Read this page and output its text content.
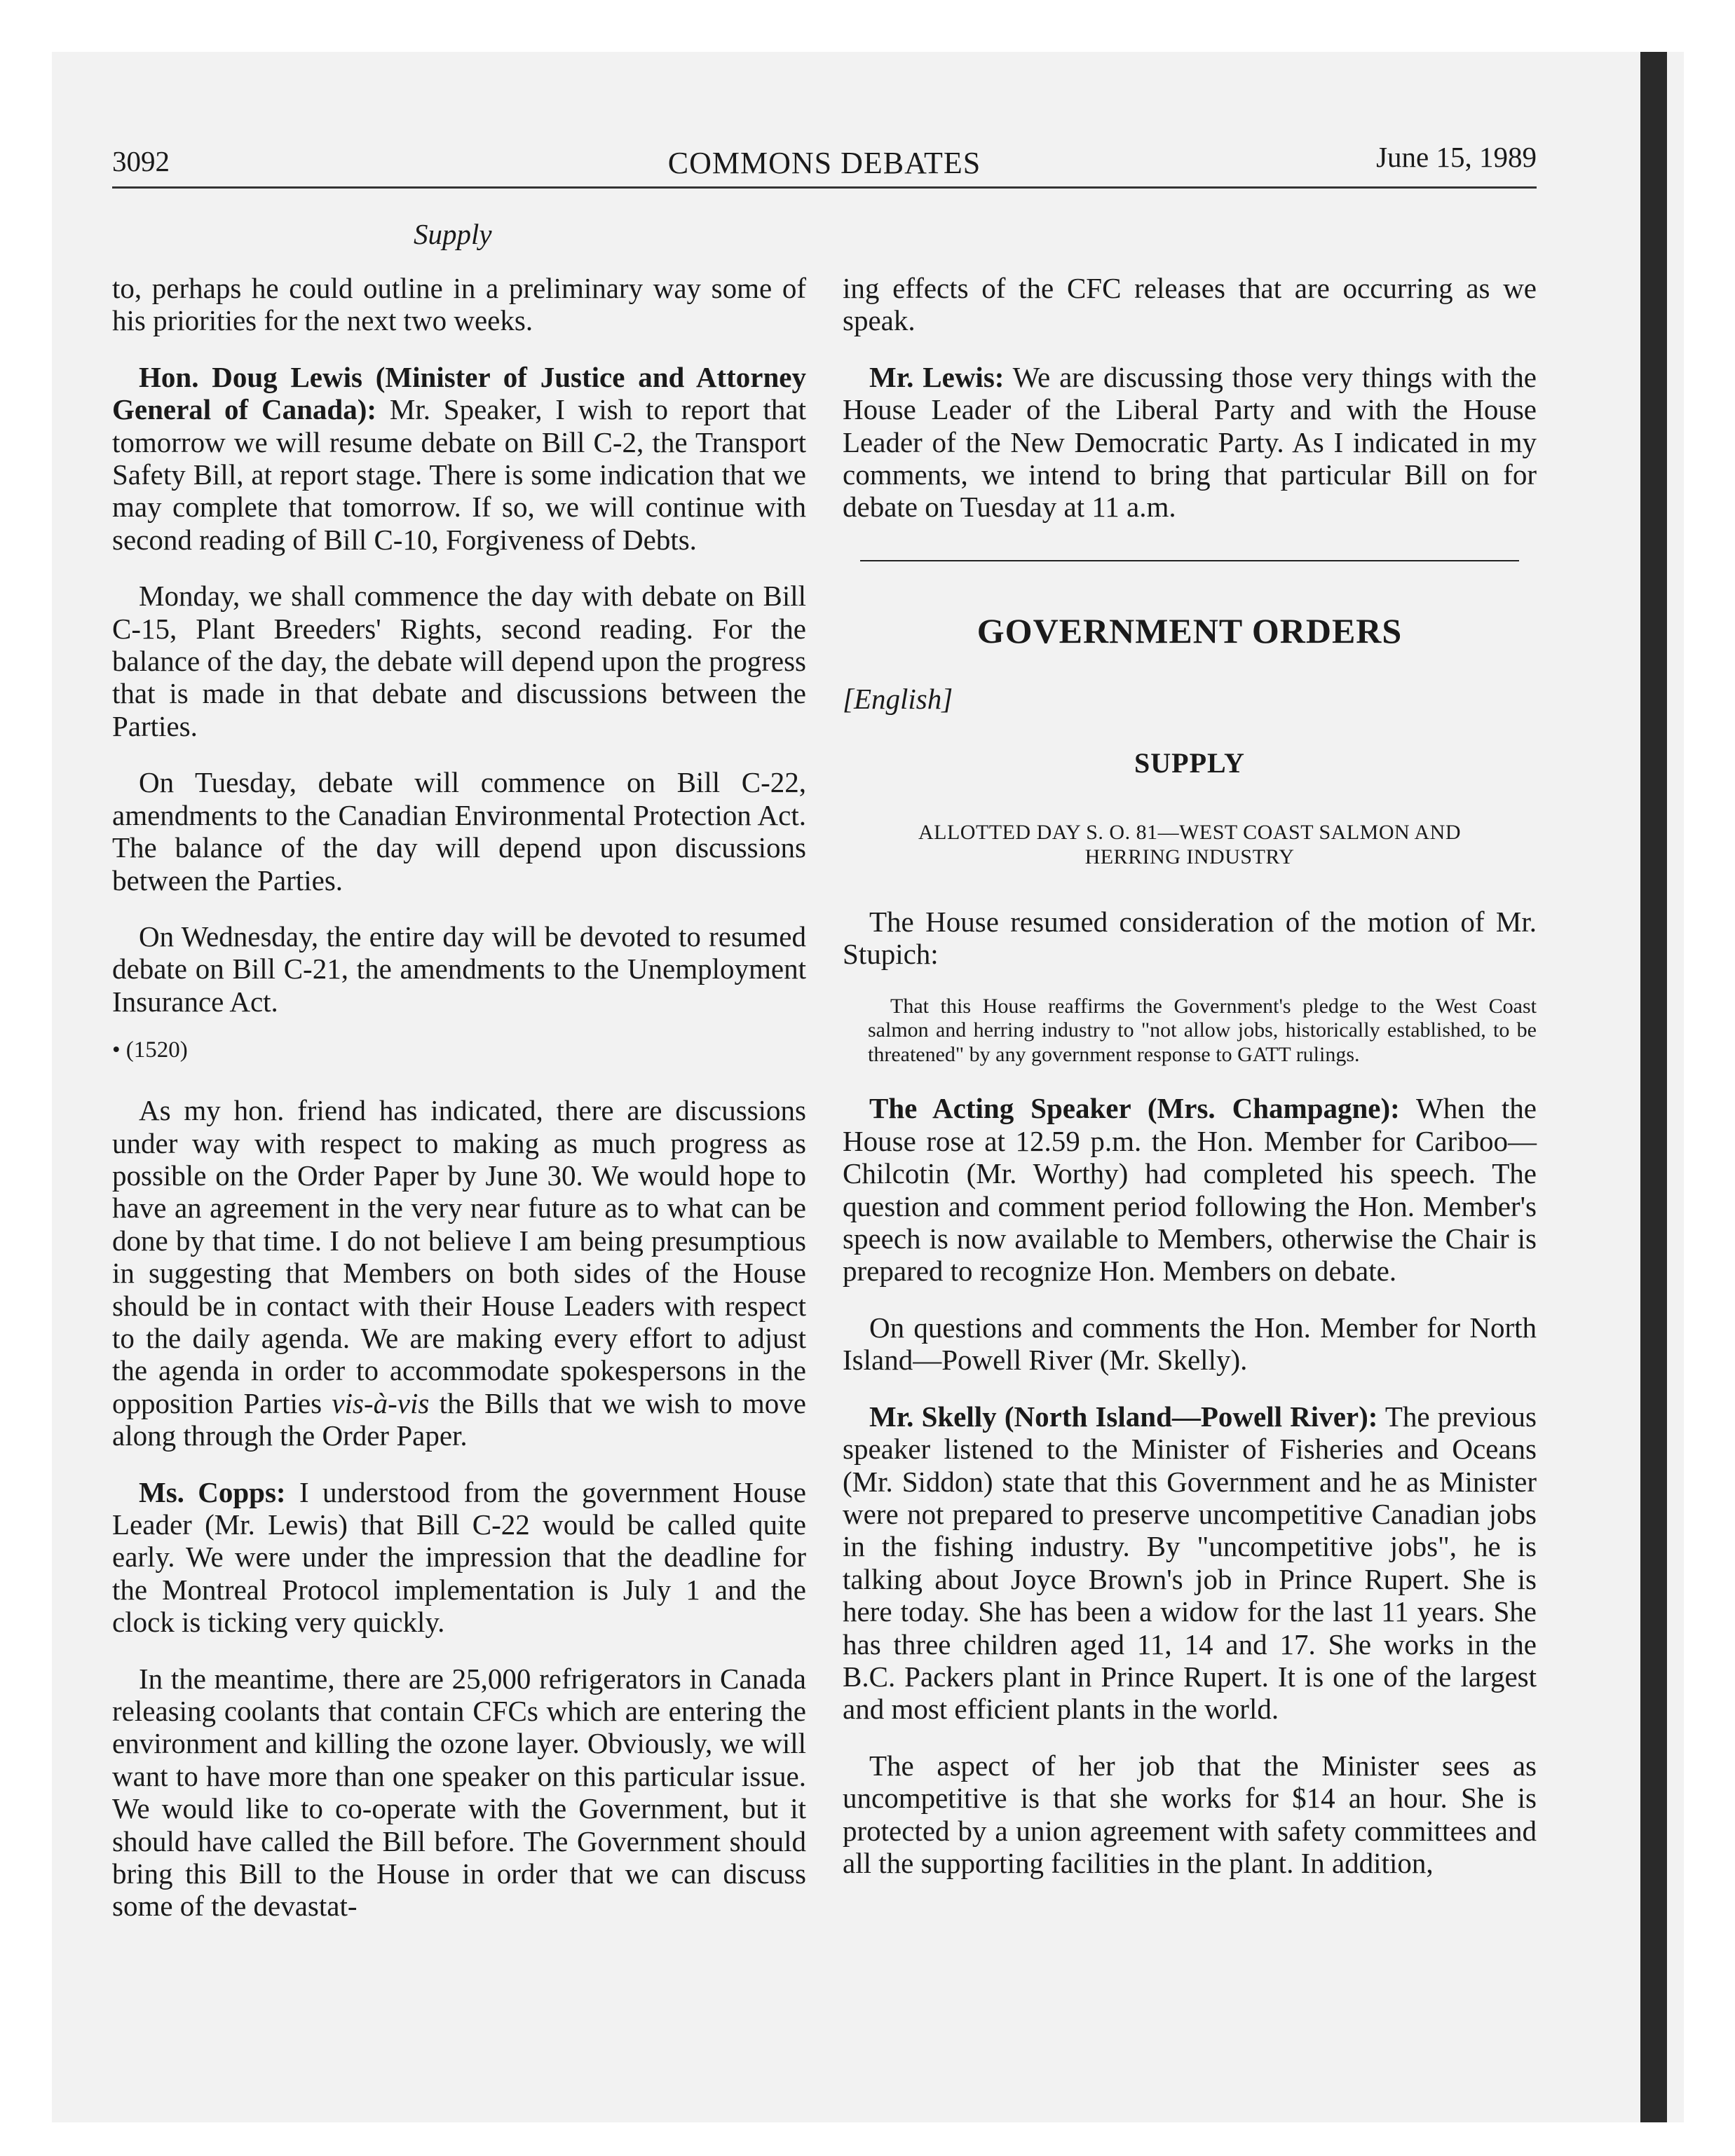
3092	COMMONS DEBATES	June 15, 1989
Supply

to, perhaps he could outline in a preliminary way some of his priorities for the next two weeks.

Hon. Doug Lewis (Minister of Justice and Attorney General of Canada): Mr. Speaker, I wish to report that tomorrow we will resume debate on Bill C-2, the Transport Safety Bill, at report stage. There is some indication that we may complete that tomorrow. If so, we will continue with second reading of Bill C-10, Forgiveness of Debts.

Monday, we shall commence the day with debate on Bill C-15, Plant Breeders' Rights, second reading. For the balance of the day, the debate will depend upon the progress that is made in that debate and discussions between the Parties.

On Tuesday, debate will commence on Bill C-22, amendments to the Canadian Environmental Protection Act. The balance of the day will depend upon discussions between the Parties.

On Wednesday, the entire day will be devoted to resumed debate on Bill C-21, the amendments to the Unemployment Insurance Act.

• (1520)

As my hon. friend has indicated, there are discussions under way with respect to making as much progress as possible on the Order Paper by June 30. We would hope to have an agreement in the very near future as to what can be done by that time. I do not believe I am being presumptious in suggesting that Members on both sides of the House should be in contact with their House Leaders with respect to the daily agenda. We are making every effort to adjust the agenda in order to accommodate spokespersons in the opposition Parties vis-à-vis the Bills that we wish to move along through the Order Paper.

Ms. Copps: I understood from the government House Leader (Mr. Lewis) that Bill C-22 would be called quite early. We were under the impression that the deadline for the Montreal Protocol implementation is July 1 and the clock is ticking very quickly.

In the meantime, there are 25,000 refrigerators in Canada releasing coolants that contain CFCs which are entering the environment and killing the ozone layer. Obviously, we will want to have more than one speaker on this particular issue. We would like to co-operate with the Government, but it should have called the Bill before. The Government should bring this Bill to the House in order that we can discuss some of the devastat-

ing effects of the CFC releases that are occurring as we speak.

Mr. Lewis: We are discussing those very things with the House Leader of the Liberal Party and with the House Leader of the New Democratic Party. As I indicated in my comments, we intend to bring that particular Bill on for debate on Tuesday at 11 a.m.

GOVERNMENT ORDERS
[English]
SUPPLY
ALLOTTED DAY S. O. 81—WEST COAST SALMON AND
HERRING INDUSTRY

The House resumed consideration of the motion of Mr. Stupich:

That this House reaffirms the Government's pledge to the West Coast salmon and herring industry to "not allow jobs, historically established, to be threatened" by any government response to GATT rulings.

The Acting Speaker (Mrs. Champagne): When the House rose at 12.59 p.m. the Hon. Member for Cariboo—Chilcotin (Mr. Worthy) had completed his speech. The question and comment period following the Hon. Member's speech is now available to Members, otherwise the Chair is prepared to recognize Hon. Members on debate.

On questions and comments the Hon. Member for North Island—Powell River (Mr. Skelly).

Mr. Skelly (North Island—Powell River): The previous speaker listened to the Minister of Fisheries and Oceans (Mr. Siddon) state that this Government and he as Minister were not prepared to preserve uncompetitive Canadian jobs in the fishing industry. By "uncompetitive jobs", he is talking about Joyce Brown's job in Prince Rupert. She is here today. She has been a widow for the last 11 years. She has three children aged 11, 14 and 17. She works in the B.C. Packers plant in Prince Rupert. It is one of the largest and most efficient plants in the world.

The aspect of her job that the Minister sees as uncompetitive is that she works for $14 an hour. She is protected by a union agreement with safety committees and all the supporting facilities in the plant. In addition,
